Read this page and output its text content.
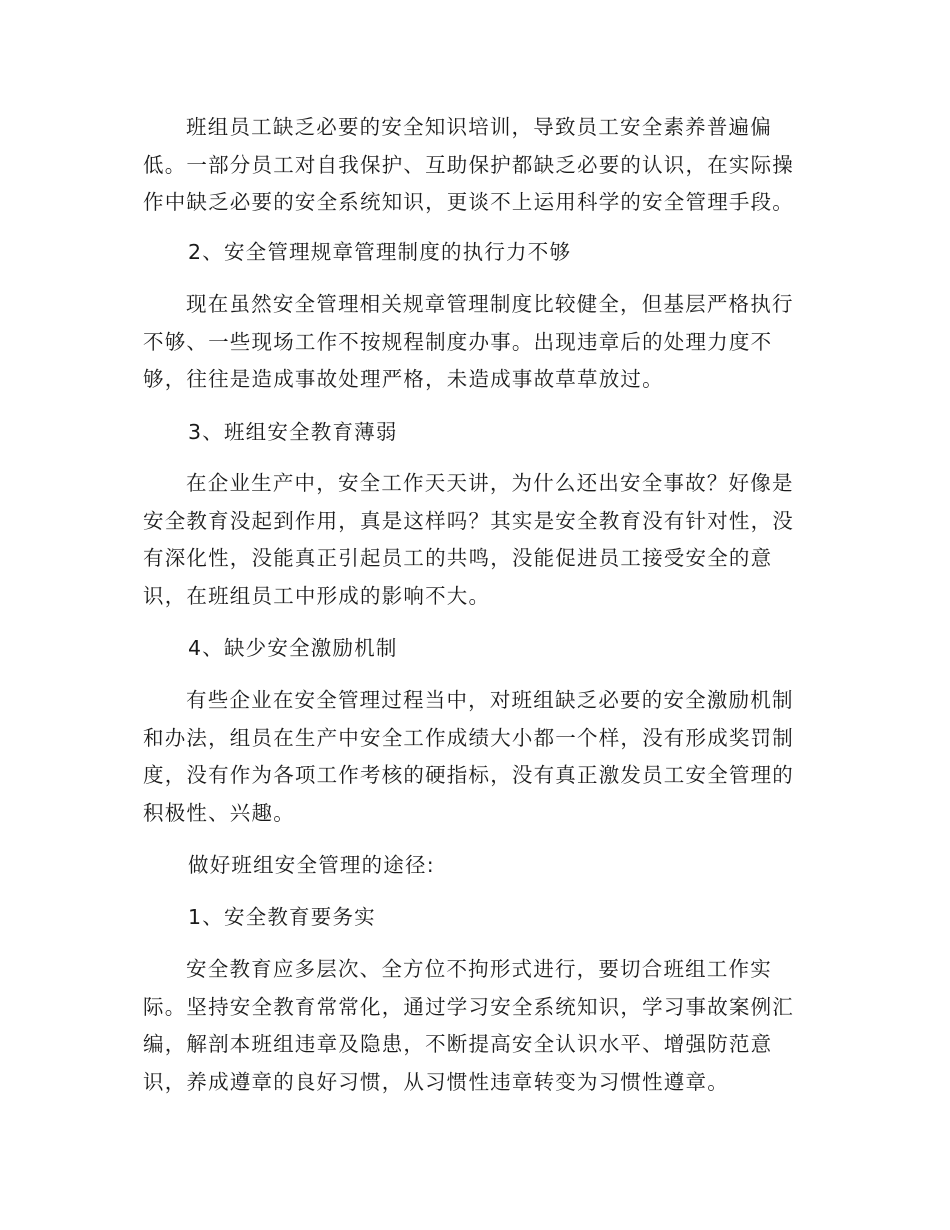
班组员工缺乏必要的安全知识培训，导致员工安全素养普遍偏低。一部分员工对自我保护、互助保护都缺乏必要的认识，在实际操作中缺乏必要的安全系统知识，更谈不上运用科学的安全管理手段。

2、安全管理规章管理制度的执行力不够

现在虽然安全管理相关规章管理制度比较健全，但基层严格执行不够、一些现场工作不按规程制度办事。出现违章后的处理力度不够，往往是造成事故处理严格，未造成事故草草放过。

3、班组安全教育薄弱

在企业生产中，安全工作天天讲，为什么还出安全事故？好像是安全教育没起到作用，真是这样吗？其实是安全教育没有针对性，没有深化性，没能真正引起员工的共鸣，没能促进员工接受安全的意识，在班组员工中形成的影响不大。

4、缺少安全激励机制

有些企业在安全管理过程当中，对班组缺乏必要的安全激励机制和办法，组员在生产中安全工作成绩大小都一个样，没有形成奖罚制度，没有作为各项工作考核的硬指标，没有真正激发员工安全管理的积极性、兴趣。

做好班组安全管理的途径:

1、安全教育要务实

安全教育应多层次、全方位不拘形式进行，要切合班组工作实际。坚持安全教育常常化，通过学习安全系统知识，学习事故案例汇编，解剖本班组违章及隐患，不断提高安全认识水平、增强防范意识，养成遵章的良好习惯，从习惯性违章转变为习惯性遵章。
